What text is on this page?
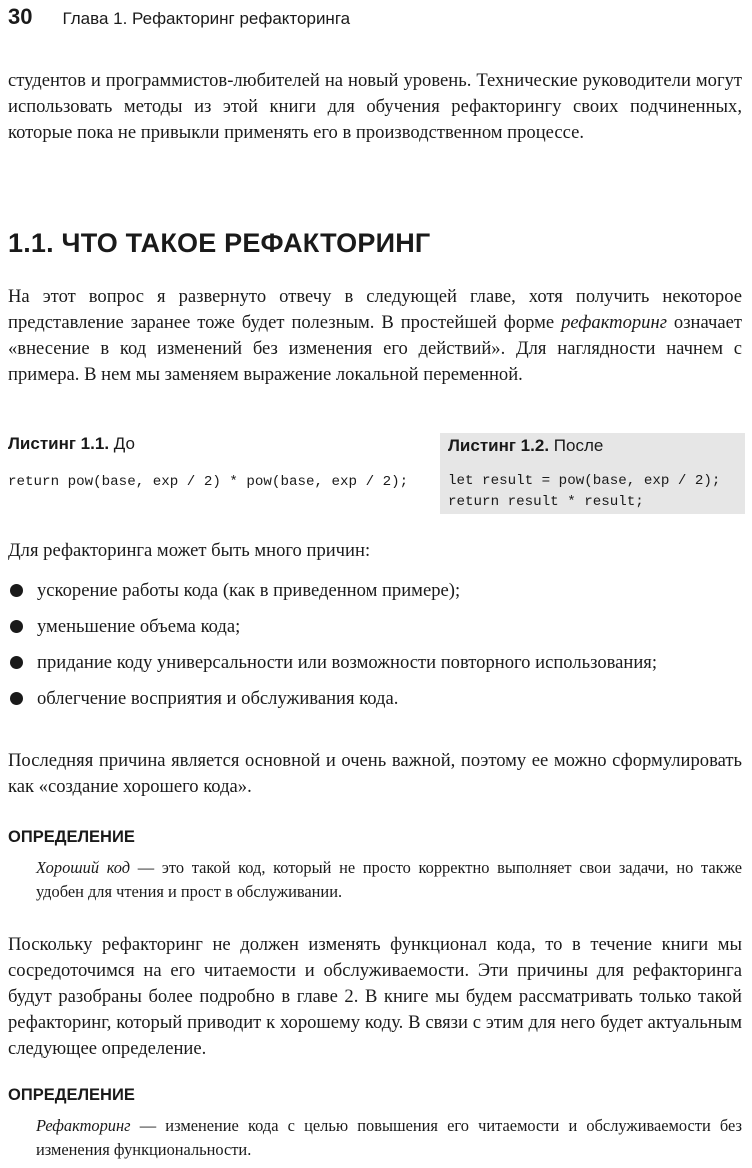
30 Глава 1. Рефакторинг рефакторинга

студентов и программистов-любителей на новый уровень. Технические руководители могут использовать методы из этой книги для обучения рефакторингу своих подчиненных, которые пока не привыкли применять его в производственном процессе.

1.1. ЧТО ТАКОЕ РЕФАКТОРИНГ

На этот вопрос я развернуто отвечу в следующей главе, хотя получить некоторое представление заранее тоже будет полезным. В простейшей форме рефакторинг означает «внесение в код изменений без изменения его действий». Для наглядности начнем с примера. В нем мы заменяем выражение локальной переменной.

Листинг 1.1. До
return pow(base, exp / 2) * pow(base, exp / 2);
Листинг 1.2. После
let result = pow(base, exp / 2);
return result * result;

Для рефакторинга может быть много причин:

ускорение работы кода (как в приведенном примере);
уменьшение объема кода;
придание коду универсальности или возможности повторного использования;
облегчение восприятия и обслуживания кода.

Последняя причина является основной и очень важной, поэтому ее можно сформулировать как «создание хорошего кода».

ОПРЕДЕЛЕНИЕ

Хороший код — это такой код, который не просто корректно выполняет свои задачи, но также удобен для чтения и прост в обслуживании.

Поскольку рефакторинг не должен изменять функционал кода, то в течение книги мы сосредоточимся на его читаемости и обслуживаемости. Эти причины для рефакторинга будут разобраны более подробно в главе 2. В книге мы будем рассматривать только такой рефакторинг, который приводит к хорошему коду. В связи с этим для него будет актуальным следующее определение.

ОПРЕДЕЛЕНИЕ

Рефакторинг — изменение кода с целью повышения его читаемости и обслуживаемости без изменения функциональности.
